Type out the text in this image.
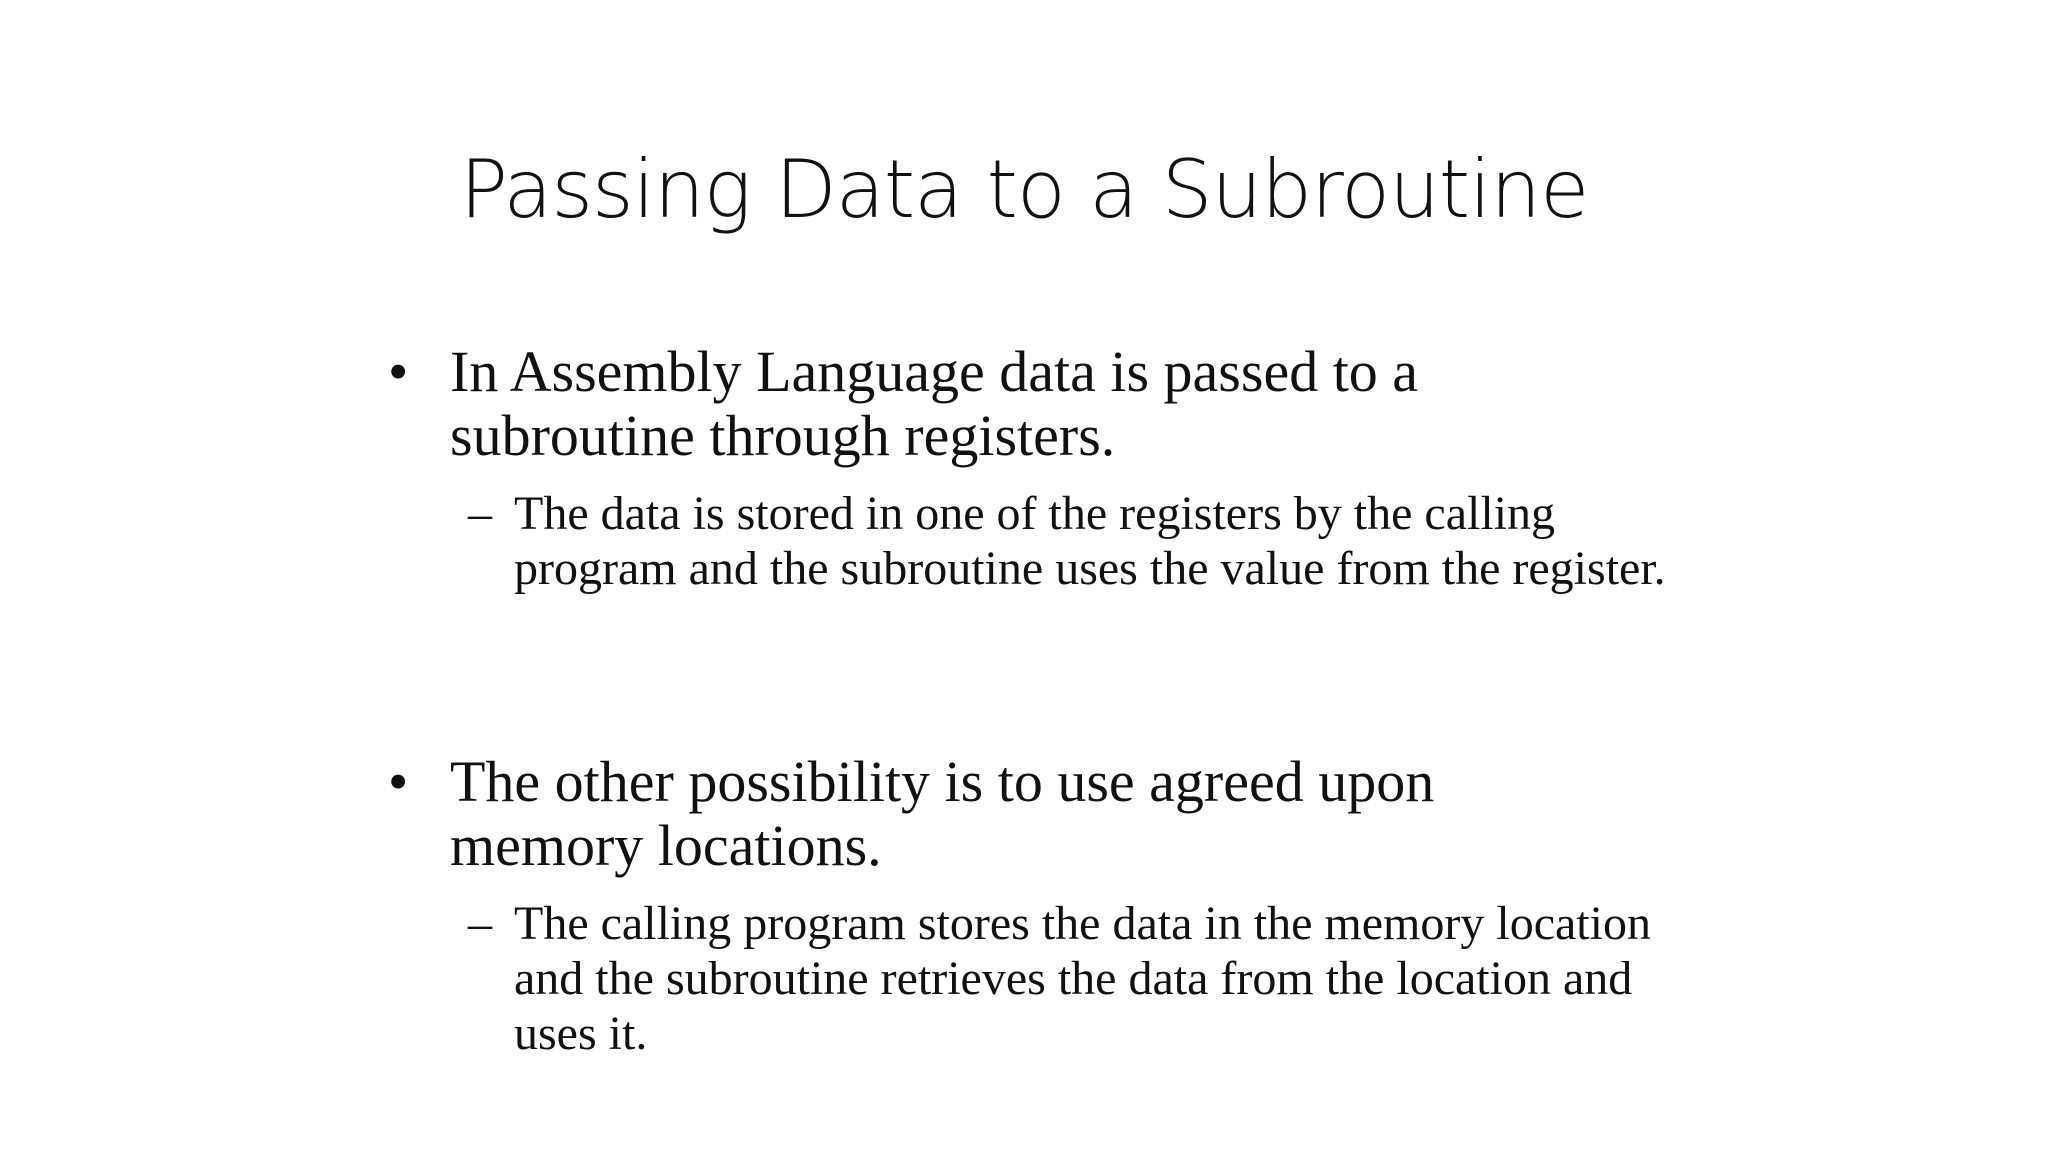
Passing Data to a Subroutine
• In Assembly Language data is passed to a subroutine through registers.
– The data is stored in one of the registers by the calling program and the subroutine uses the value from the register.
• The other possibility is to use agreed upon memory locations.
– The calling program stores the data in the memory location and the subroutine retrieves the data from the location and uses it.
